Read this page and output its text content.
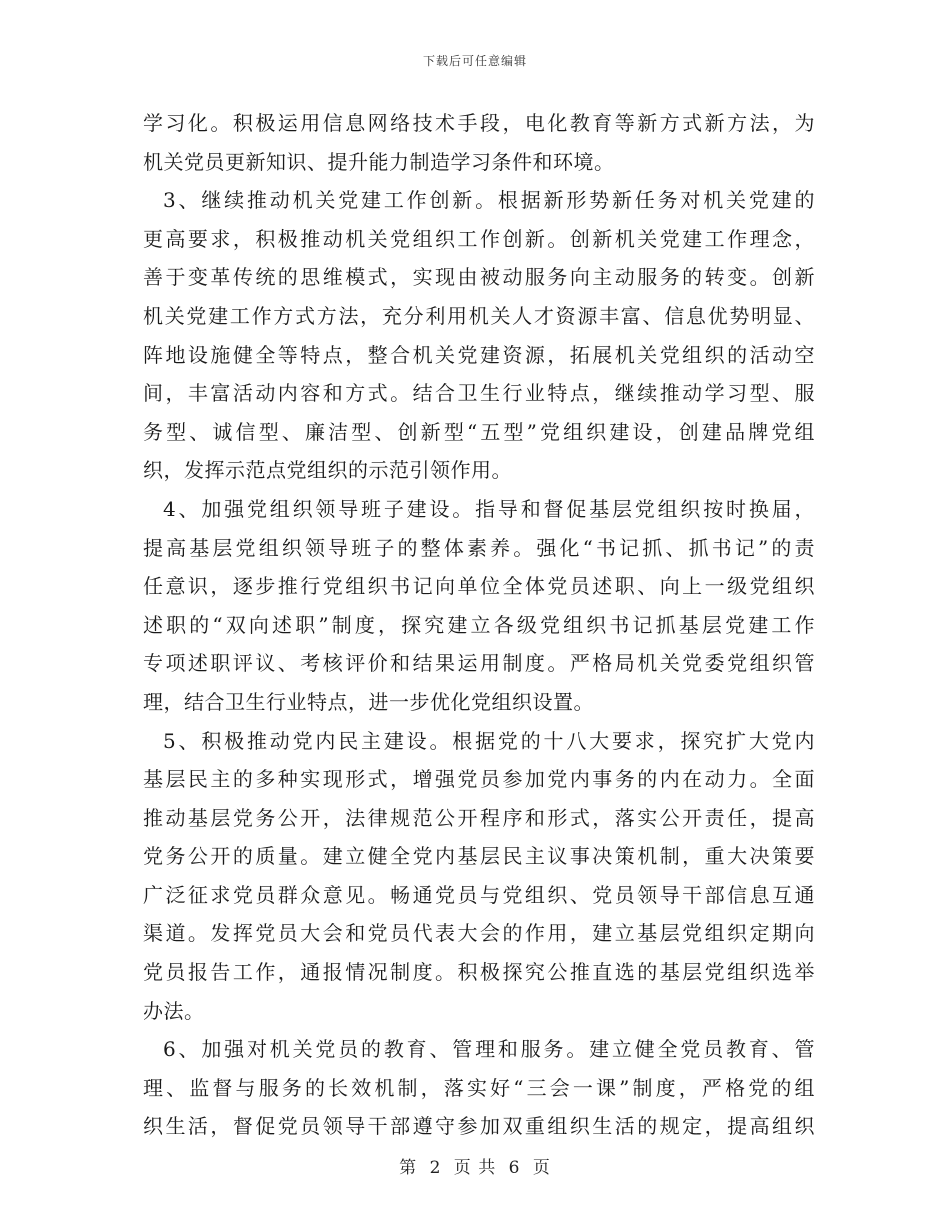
下载后可任意编辑
学习化。积极运用信息网络技术手段，电化教育等新方式新方法，为
机关党员更新知识、提升能力制造学习条件和环境。
3、继续推动机关党建工作创新。根据新形势新任务对机关党建的
更高要求，积极推动机关党组织工作创新。创新机关党建工作理念，
善于变革传统的思维模式，实现由被动服务向主动服务的转变。创新
机关党建工作方式方法，充分利用机关人才资源丰富、信息优势明显、
阵地设施健全等特点，整合机关党建资源，拓展机关党组织的活动空
间，丰富活动内容和方式。结合卫生行业特点，继续推动学习型、服
务型、诚信型、廉洁型、创新型“五型”党组织建设，创建品牌党组
织，发挥示范点党组织的示范引领作用。
4、加强党组织领导班子建设。指导和督促基层党组织按时换届，
提高基层党组织领导班子的整体素养。强化“书记抓、抓书记”的责
任意识，逐步推行党组织书记向单位全体党员述职、向上一级党组织
述职的“双向述职”制度，探究建立各级党组织书记抓基层党建工作
专项述职评议、考核评价和结果运用制度。严格局机关党委党组织管
理，结合卫生行业特点，进一步优化党组织设置。
5、积极推动党内民主建设。根据党的十八大要求，探究扩大党内
基层民主的多种实现形式，增强党员参加党内事务的内在动力。全面
推动基层党务公开，法律规范公开程序和形式，落实公开责任，提高
党务公开的质量。建立健全党内基层民主议事决策机制，重大决策要
广泛征求党员群众意见。畅通党员与党组织、党员领导干部信息互通
渠道。发挥党员大会和党员代表大会的作用，建立基层党组织定期向
党员报告工作，通报情况制度。积极探究公推直选的基层党组织选举
办法。
6、加强对机关党员的教育、管理和服务。建立健全党员教育、管
理、监督与服务的长效机制，落实好“三会一课”制度，严格党的组
织生活，督促党员领导干部遵守参加双重组织生活的规定，提高组织
第 2 页 共 6 页
